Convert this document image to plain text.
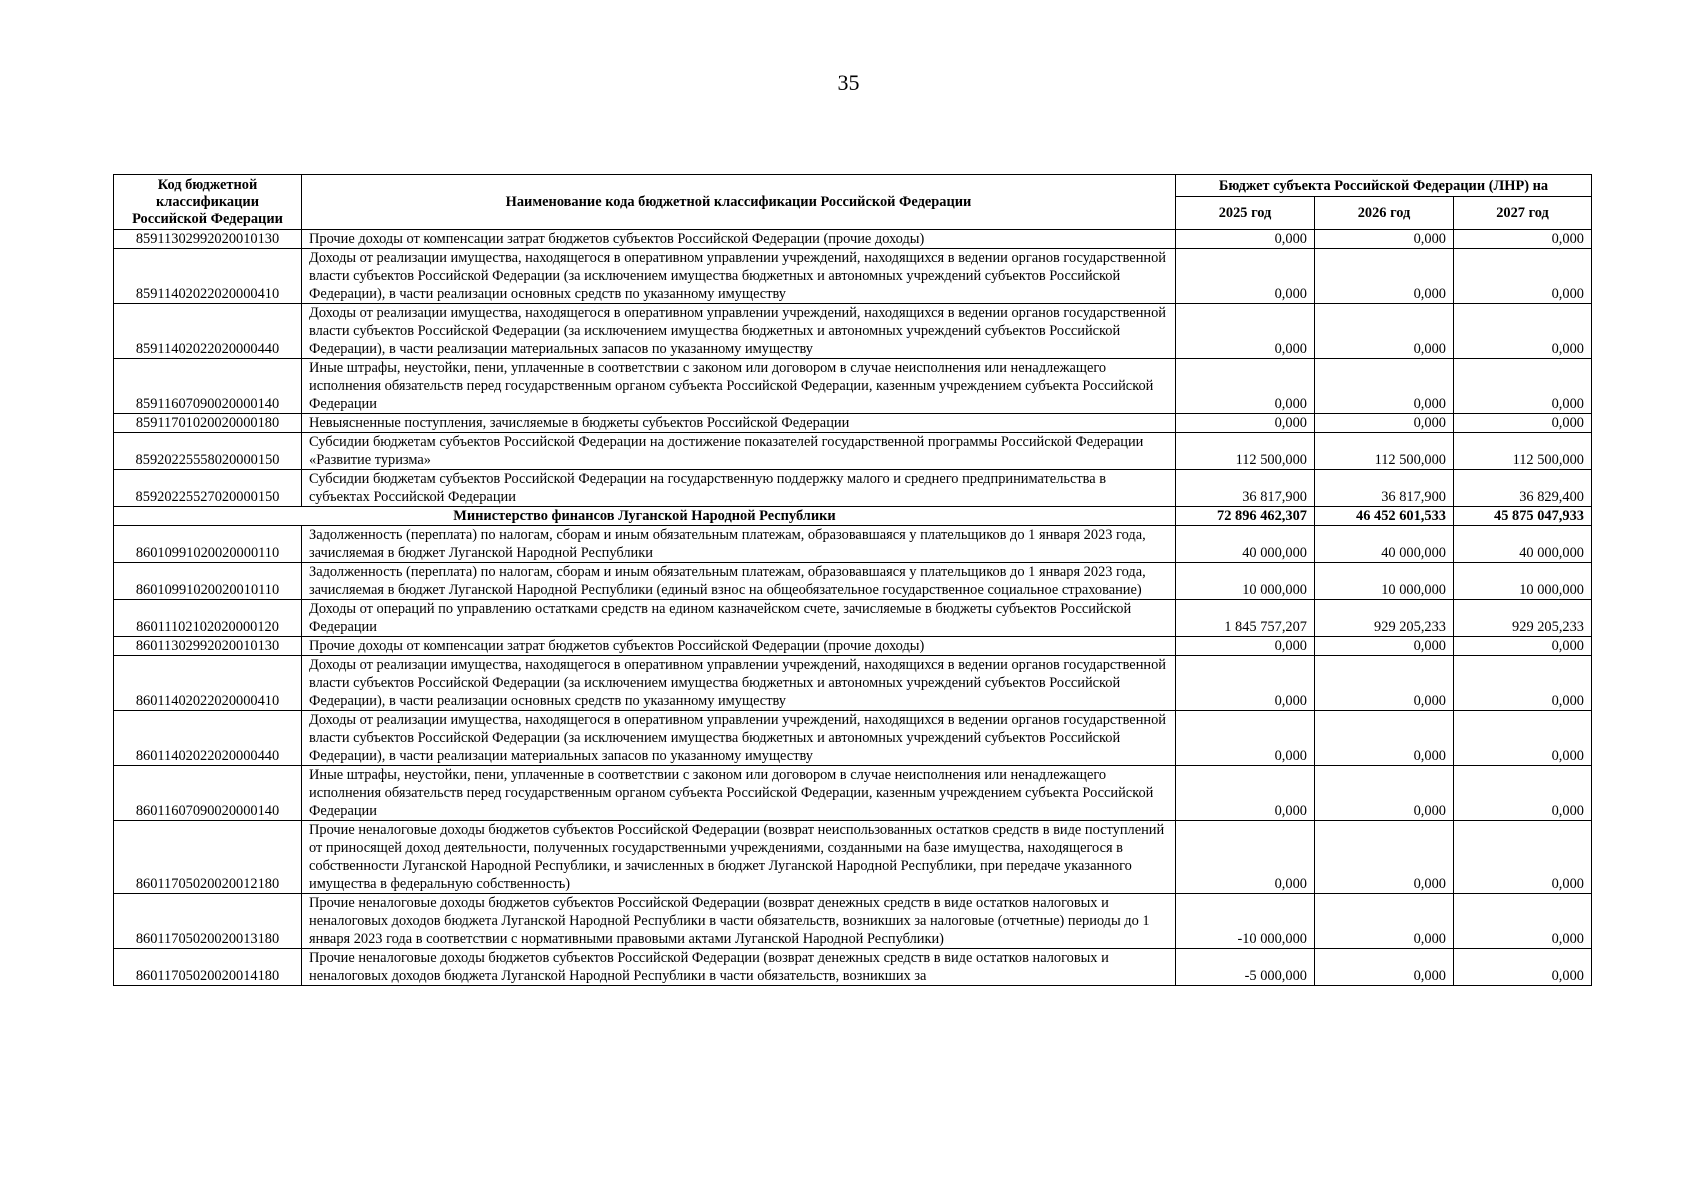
35
Код бюджетной классификации Российской Федерации	Наименование кода бюджетной классификации Российской Федерации	Бюджет субъекта Российской Федерации (ЛНР) на		
		2025 год	2026 год	2027 год
85911302992020010130	Прочие доходы от компенсации затрат бюджетов субъектов Российской Федерации (прочие доходы)	0,000	0,000	0,000
85911402022020000410	Доходы от реализации имущества, находящегося в оперативном управлении учреждений, находящихся в ведении органов государственной власти субъектов Российской Федерации (за исключением имущества бюджетных и автономных учреждений субъектов Российской Федерации), в части реализации основных средств по указанному имуществу	0,000	0,000	0,000
85911402022020000440	Доходы от реализации имущества, находящегося в оперативном управлении учреждений, находящихся в ведении органов государственной власти субъектов Российской Федерации (за исключением имущества бюджетных и автономных учреждений субъектов Российской Федерации), в части реализации материальных запасов по указанному имуществу	0,000	0,000	0,000
85911607090020000140	Иные штрафы, неустойки, пени, уплаченные в соответствии с законом или договором в случае неисполнения или ненадлежащего исполнения обязательств перед государственным органом субъекта Российской Федерации, казенным учреждением субъекта Российской Федерации	0,000	0,000	0,000
85911701020020000180	Невыясненные поступления, зачисляемые в бюджеты субъектов Российской Федерации	0,000	0,000	0,000
85920225558020000150	Субсидии бюджетам субъектов Российской Федерации на достижение показателей государственной программы Российской Федерации «Развитие туризма»	112 500,000	112 500,000	112 500,000
85920225527020000150	Субсидии бюджетам субъектов Российской Федерации на государственную поддержку малого и среднего предпринимательства в субъектах Российской Федерации	36 817,900	36 817,900	36 829,400
Министерство финансов Луганской Народной Республики		72 896 462,307	46 452 601,533	45 875 047,933
86010991020020000110	Задолженность (переплата) по налогам, сборам и иным обязательным платежам, образовавшаяся у плательщиков до 1 января 2023 года, зачисляемая в бюджет Луганской Народной Республики	40 000,000	40 000,000	40 000,000
86010991020020010110	Задолженность (переплата) по налогам, сборам и иным обязательным платежам, образовавшаяся у плательщиков до 1 января 2023 года, зачисляемая в бюджет Луганской Народной Республики (единый взнос на общеобязательное государственное социальное страхование)	10 000,000	10 000,000	10 000,000
86011102102020000120	Доходы от операций по управлению остатками средств на едином казначейском счете, зачисляемые в бюджеты субъектов Российской Федерации	1 845 757,207	929 205,233	929 205,233
86011302992020010130	Прочие доходы от компенсации затрат бюджетов субъектов Российской Федерации (прочие доходы)	0,000	0,000	0,000
86011402022020000410	Доходы от реализации имущества, находящегося в оперативном управлении учреждений, находящихся в ведении органов государственной власти субъектов Российской Федерации (за исключением имущества бюджетных и автономных учреждений субъектов Российской Федерации), в части реализации основных средств по указанному имуществу	0,000	0,000	0,000
86011402022020000440	Доходы от реализации имущества, находящегося в оперативном управлении учреждений, находящихся в ведении органов государственной власти субъектов Российской Федерации (за исключением имущества бюджетных и автономных учреждений субъектов Российской Федерации), в части реализации материальных запасов по указанному имуществу	0,000	0,000	0,000
86011607090020000140	Иные штрафы, неустойки, пени, уплаченные в соответствии с законом или договором в случае неисполнения или ненадлежащего исполнения обязательств перед государственным органом субъекта Российской Федерации, казенным учреждением субъекта Российской Федерации	0,000	0,000	0,000
86011705020020012180	Прочие неналоговые доходы бюджетов субъектов Российской Федерации (возврат неиспользованных остатков средств в виде поступлений от приносящей доход деятельности, полученных государственными учреждениями, созданными на базе имущества, находящегося в собственности Луганской Народной Республики, и зачисленных в бюджет Луганской Народной Республики, при передаче указанного имущества в федеральную собственность)	0,000	0,000	0,000
86011705020020013180	Прочие неналоговые доходы бюджетов субъектов Российской Федерации (возврат денежных средств в виде остатков налоговых и неналоговых доходов бюджета Луганской Народной Республики в части обязательств, возникших за налоговые (отчетные) периоды до 1 января 2023 года в соответствии с нормативными правовыми актами Луганской Народной Республики)	-10 000,000	0,000	0,000
86011705020020014180	Прочие неналоговые доходы бюджетов субъектов Российской Федерации (возврат денежных средств в виде остатков налоговых и неналоговых доходов бюджета Луганской Народной Республики в части обязательств, возникших за	-5 000,000	0,000	0,000
